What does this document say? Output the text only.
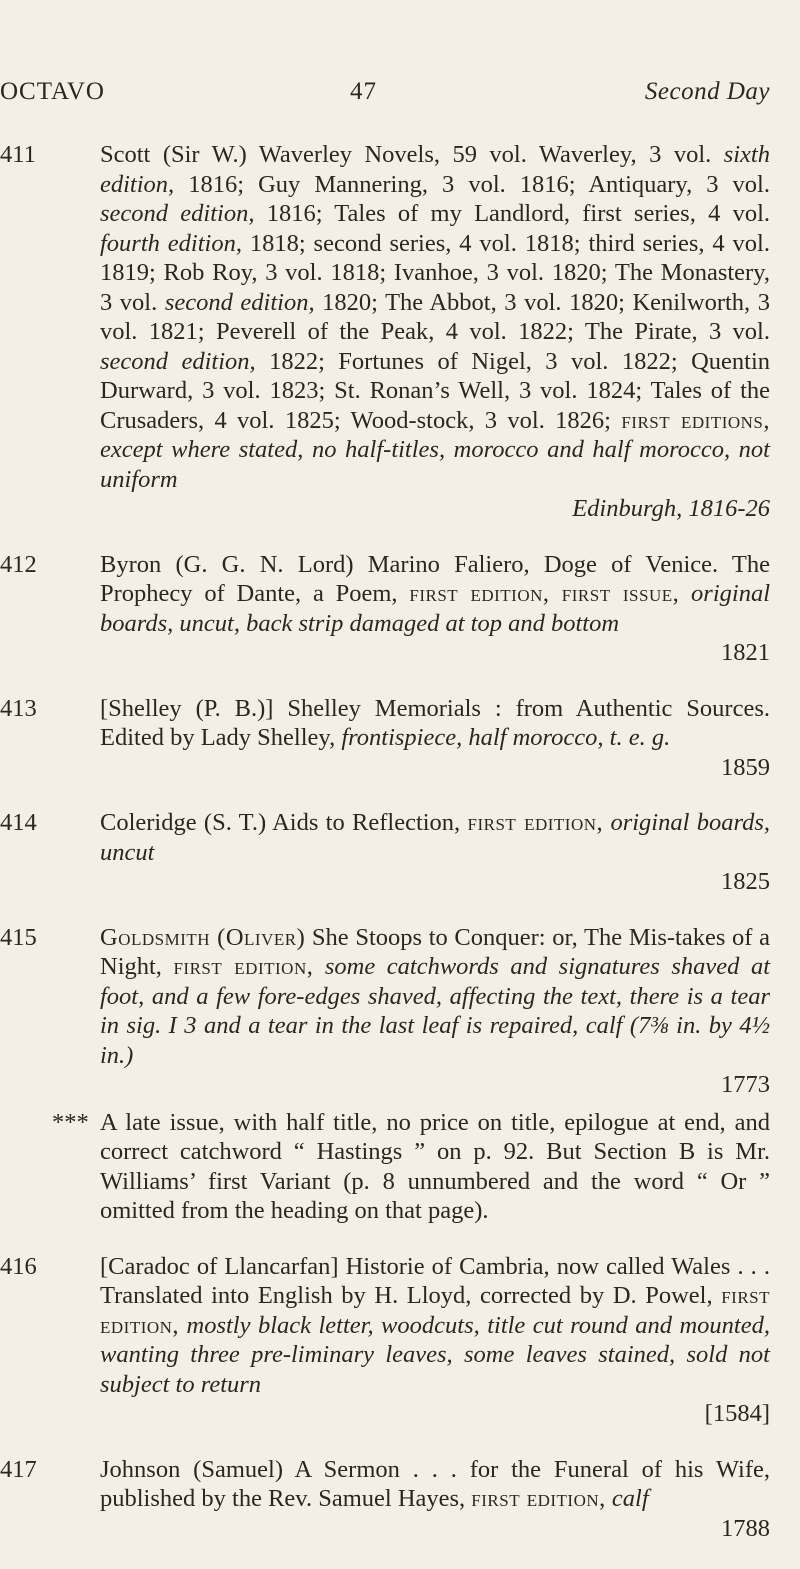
OCTAVO	47	Second Day
411	Scott (Sir W.) Waverley Novels, 59 vol. Waverley, 3 vol. sixth edition, 1816; Guy Mannering, 3 vol. 1816; Antiquary, 3 vol. second edition, 1816; Tales of my Landlord, first series, 4 vol. fourth edition, 1818; second series, 4 vol. 1818; third series, 4 vol. 1819; Rob Roy, 3 vol. 1818; Ivanhoe, 3 vol. 1820; The Monastery, 3 vol. second edition, 1820; The Abbot, 3 vol. 1820; Kenilworth, 3 vol. 1821; Peverell of the Peak, 4 vol. 1822; The Pirate, 3 vol. second edition, 1822; Fortunes of Nigel, 3 vol. 1822; Quentin Durward, 3 vol. 1823; St. Ronan’s Well, 3 vol. 1824; Tales of the Crusaders, 4 vol. 1825; Wood-stock, 3 vol. 1826; first editions, except where stated, no half-titles, morocco and half morocco, not uniform
Edinburgh, 1816-26
412	Byron (G. G. N. Lord) Marino Faliero, Doge of Venice. The Prophecy of Dante, a Poem, first edition, first issue, original boards, uncut, back strip damaged at top and bottom
1821
413	[Shelley (P. B.)] Shelley Memorials : from Authentic Sources. Edited by Lady Shelley, frontispiece, half morocco, t. e. g.
1859
414	Coleridge (S. T.) Aids to Reflection, first edition, original boards, uncut
1825
415	Goldsmith (Oliver) She Stoops to Conquer: or, The Mis-takes of a Night, first edition, some catchwords and signatures shaved at foot, and a few fore-edges shaved, affecting the text, there is a tear in sig. I 3 and a tear in the last leaf is repaired, calf (7⅜ in. by 4½ in.)
1773
*** A late issue, with half title, no price on title, epilogue at end, and correct catchword “ Hastings ” on p. 92. But Section B is Mr. Williams’ first Variant (p. 8 unnumbered and the word “ Or ” omitted from the heading on that page).
416	[Caradoc of Llancarfan] Historie of Cambria, now called Wales . . . Translated into English by H. Lloyd, corrected by D. Powel, first edition, mostly black letter, woodcuts, title cut round and mounted, wanting three pre-liminary leaves, some leaves stained, sold not subject to return
[1584]
417	Johnson (Samuel) A Sermon . . . for the Funeral of his Wife, published by the Rev. Samuel Hayes, first edition, calf
1788
